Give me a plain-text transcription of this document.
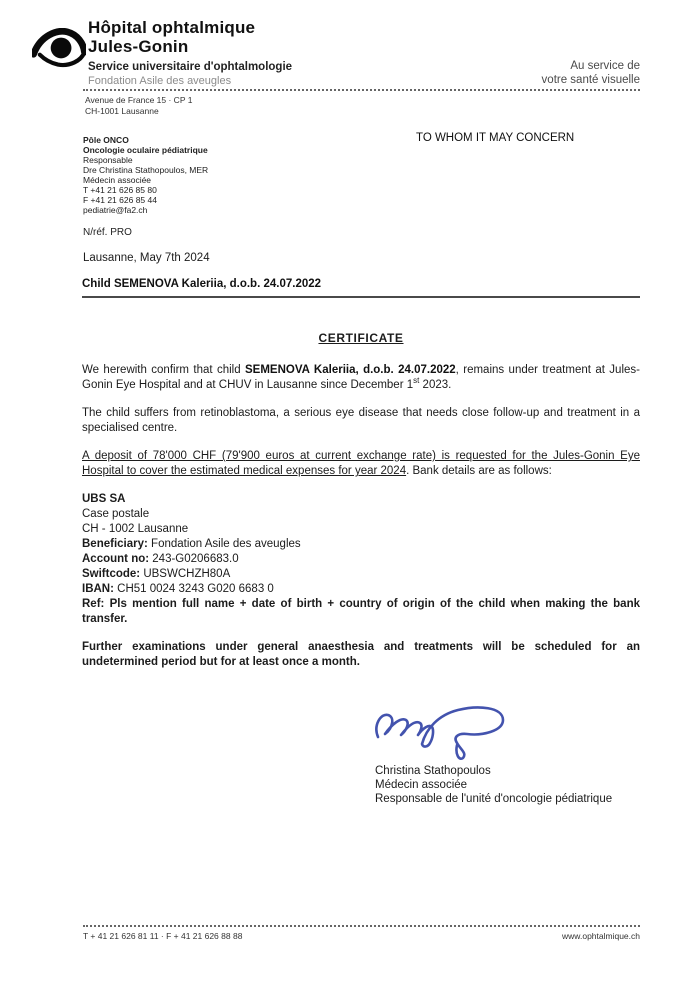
Hôpital ophtalmique
Jules-Gonin
Service universitaire d'ophtalmologie
Fondation Asile des aveugles
Au service de
votre santé visuelle
Avenue de France 15 · CP 1
CH-1001 Lausanne
Pôle ONCO
Oncologie oculaire pédiatrique
Responsable
Dre Christina Stathopoulos, MER
Médecin associée
T +41 21 626 85 80
F +41 21 626 85 44
pediatrie@fa2.ch
TO WHOM IT MAY CONCERN
N/réf. PRO
Lausanne, May 7th 2024
Child SEMENOVA Kaleriia, d.o.b. 24.07.2022
CERTIFICATE

We herewith confirm that child SEMENOVA Kaleriia, d.o.b. 24.07.2022, remains under treatment at Jules-Gonin Eye Hospital and at CHUV in Lausanne since December 1st 2023.

The child suffers from retinoblastoma, a serious eye disease that needs close follow-up and treatment in a specialised centre.

A deposit of 78'000 CHF (79'900 euros at current exchange rate) is requested for the Jules-Gonin Eye Hospital to cover the estimated medical expenses for year 2024. Bank details are as follows:

UBS SA
Case postale
CH - 1002 Lausanne
Beneficiary: Fondation Asile des aveugles
Account no: 243-G0206683.0
Swiftcode: UBSWCHZH80A
IBAN: CH51 0024 3243 G020 6683 0
Ref: Pls mention full name + date of birth + country of origin of the child when making the bank transfer.

Further examinations under general anaesthesia and treatments will be scheduled for an undetermined period but for at least once a month.

Christina Stathopoulos
Médecin associée
Responsable de l'unité d'oncologie pédiatrique
T + 41 21 626 81 11 · F + 41 21 626 88 88	www.ophtalmique.ch
